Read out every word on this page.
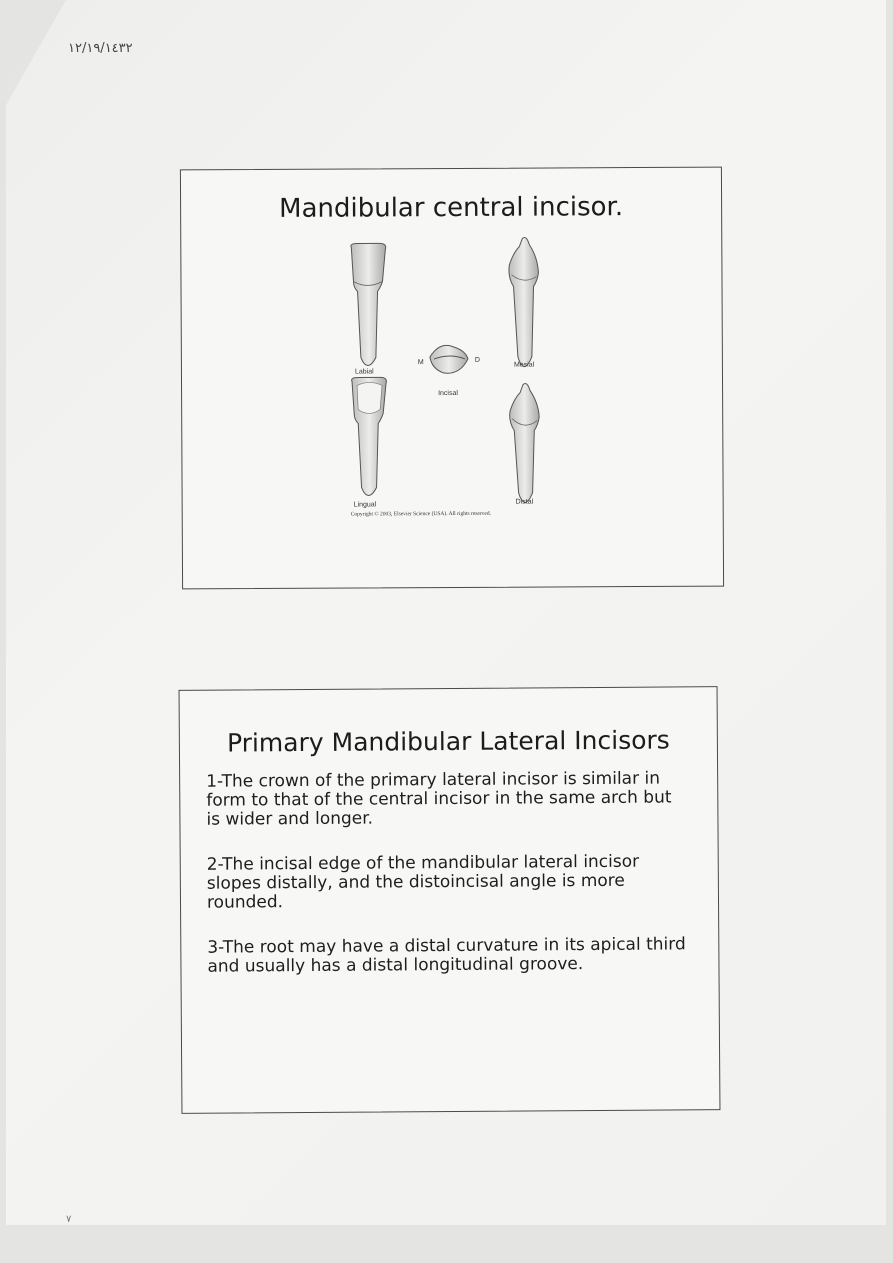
١٢/١٩/١٤٣٢
Mandibular central incisor.
Labial
Lingual
Mesial
Distal
Incisal
M	D
Copyright © 2003, Elsevier Science (USA). All rights reserved.
Primary Mandibular Lateral Incisors

1-The crown of the primary lateral incisor is similar in form to that of the central incisor in the same arch but is wider and longer.

2-The incisal edge of the mandibular lateral incisor slopes distally, and the distoincisal angle is more rounded.

3-The root may have a distal curvature in its apical third and usually has a distal longitudinal groove.

٧
